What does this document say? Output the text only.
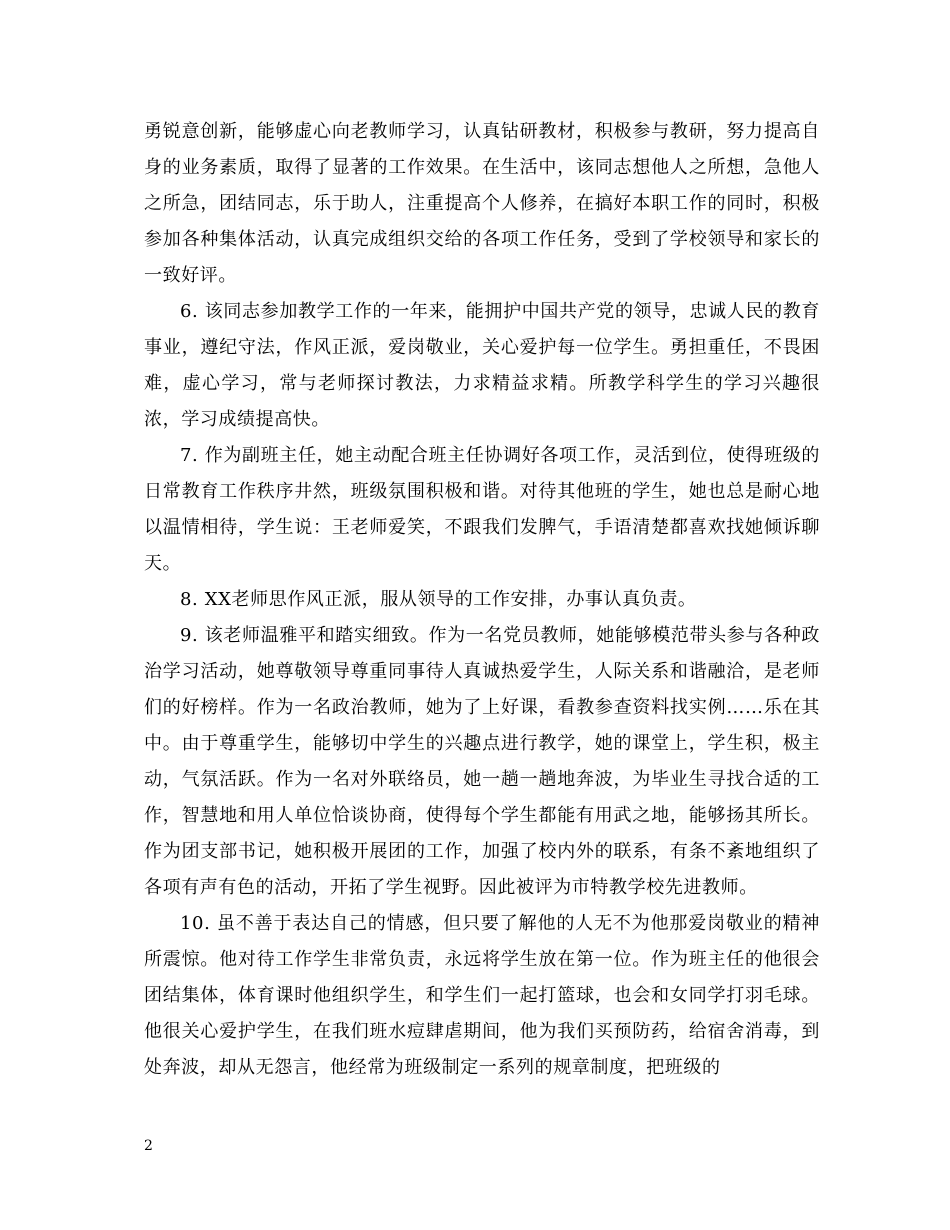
勇锐意创新，能够虚心向老教师学习，认真钻研教材，积极参与教研，努力提高自身的业务素质，取得了显著的工作效果。在生活中，该同志想他人之所想，急他人之所急，团结同志，乐于助人，注重提高个人修养，在搞好本职工作的同时，积极参加各种集体活动，认真完成组织交给的各项工作任务，受到了学校领导和家长的一致好评。

6. 该同志参加教学工作的一年来，能拥护中国共产党的领导，忠诚人民的教育事业，遵纪守法，作风正派，爱岗敬业，关心爱护每一位学生。勇担重任，不畏困难，虚心学习，常与老师探讨教法，力求精益求精。所教学科学生的学习兴趣很浓，学习成绩提高快。

7. 作为副班主任，她主动配合班主任协调好各项工作，灵活到位，使得班级的日常教育工作秩序井然，班级氛围积极和谐。对待其他班的学生，她也总是耐心地以温情相待，学生说：王老师爱笑，不跟我们发脾气，手语清楚都喜欢找她倾诉聊天。

8. XX老师思作风正派，服从领导的工作安排，办事认真负责。

9. 该老师温雅平和踏实细致。作为一名党员教师，她能够模范带头参与各种政治学习活动，她尊敬领导尊重同事待人真诚热爱学生，人际关系和谐融洽，是老师们的好榜样。作为一名政治教师，她为了上好课，看教参查资料找实例……乐在其中。由于尊重学生，能够切中学生的兴趣点进行教学，她的课堂上，学生积，极主动，气氛活跃。作为一名对外联络员，她一趟一趟地奔波，为毕业生寻找合适的工作，智慧地和用人单位恰谈协商，使得每个学生都能有用武之地，能够扬其所长。作为团支部书记，她积极开展团的工作，加强了校内外的联系，有条不紊地组织了各项有声有色的活动，开拓了学生视野。因此被评为市特教学校先进教师。

10. 虽不善于表达自己的情感，但只要了解他的人无不为他那爱岗敬业的精神所震惊。他对待工作学生非常负责，永远将学生放在第一位。作为班主任的他很会团结集体，体育课时他组织学生，和学生们一起打篮球，也会和女同学打羽毛球。他很关心爱护学生，在我们班水痘肆虐期间，他为我们买预防药，给宿舍消毒，到处奔波，却从无怨言，他经常为班级制定一系列的规章制度，把班级的

2
